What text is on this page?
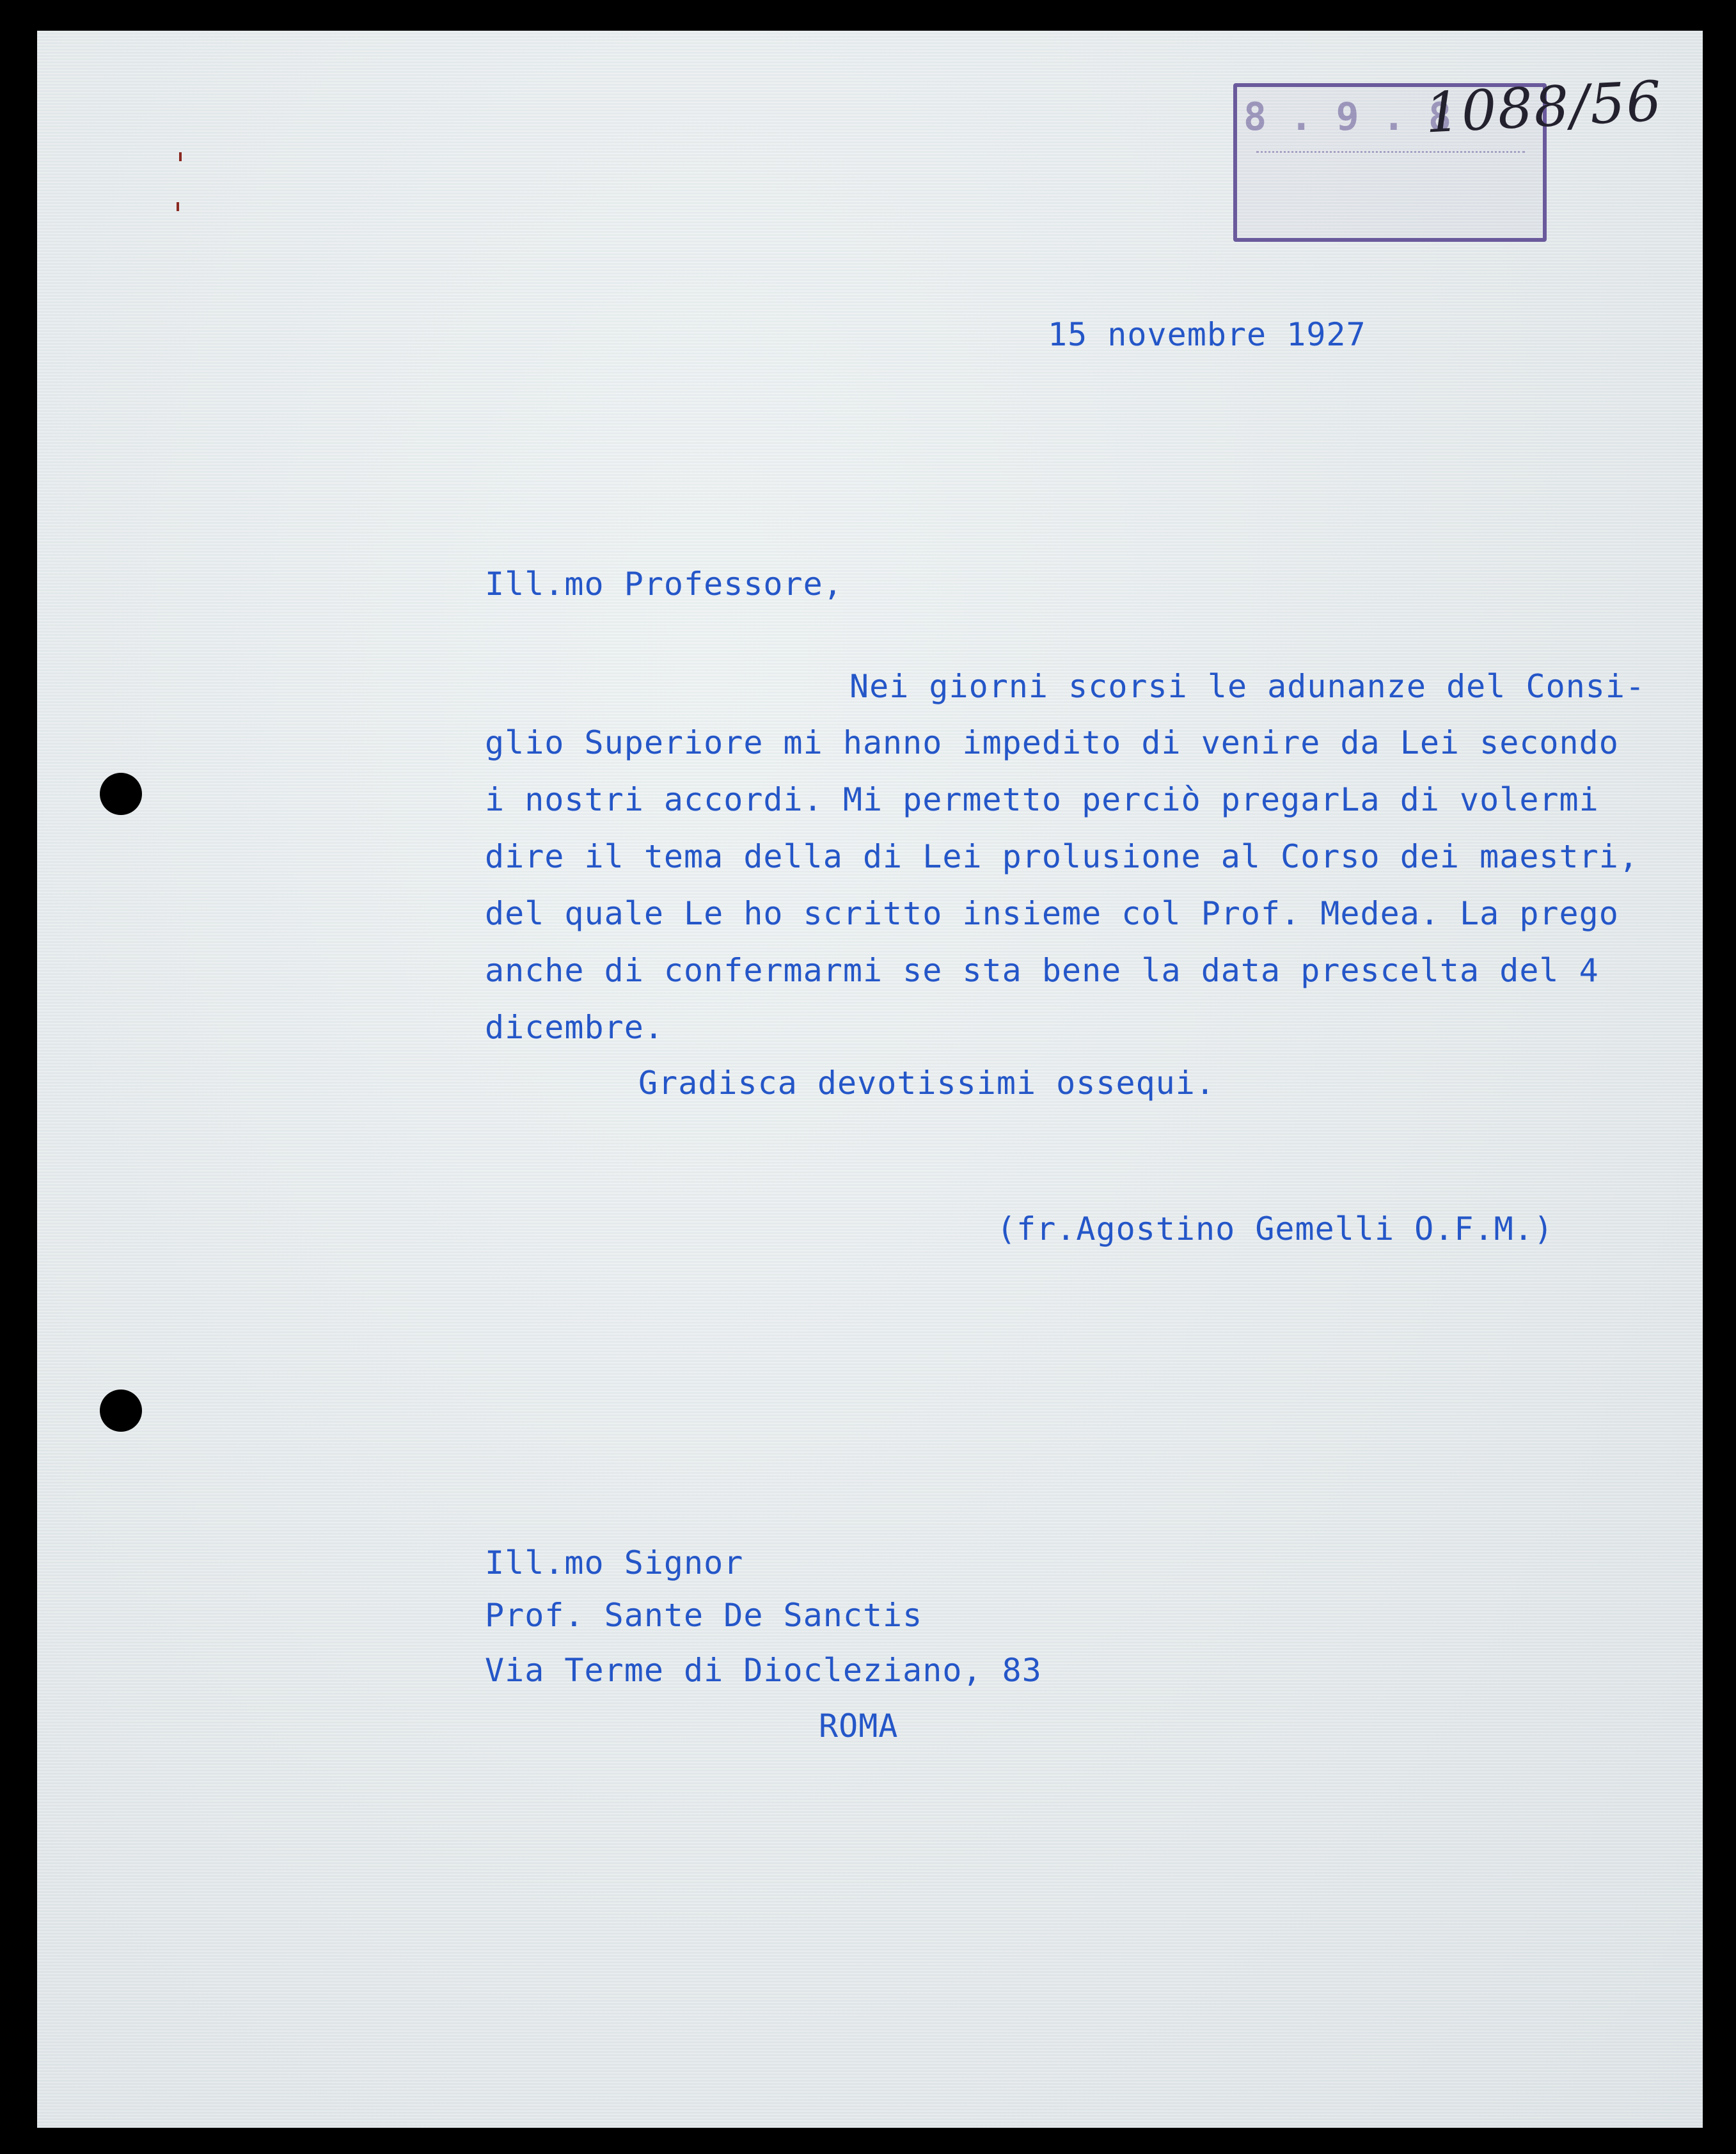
8 . 9 . 8
1088/56
15 novembre 1927
Ill.mo Professore,
Nei giorni scorsi le adunanze del Consi-
glio Superiore mi hanno impedito di venire da Lei secondo
i nostri accordi. Mi permetto perciò pregarLa di volermi
dire il tema della di Lei prolusione al Corso dei maestri,
del quale Le ho scritto insieme col Prof. Medea. La prego
anche di confermarmi se sta bene la data prescelta del 4
dicembre.
Gradisca devotissimi ossequi.
(fr.Agostino Gemelli O.F.M.)
Ill.mo Signor
Prof. Sante De Sanctis
Via Terme di Diocleziano, 83
ROMA
